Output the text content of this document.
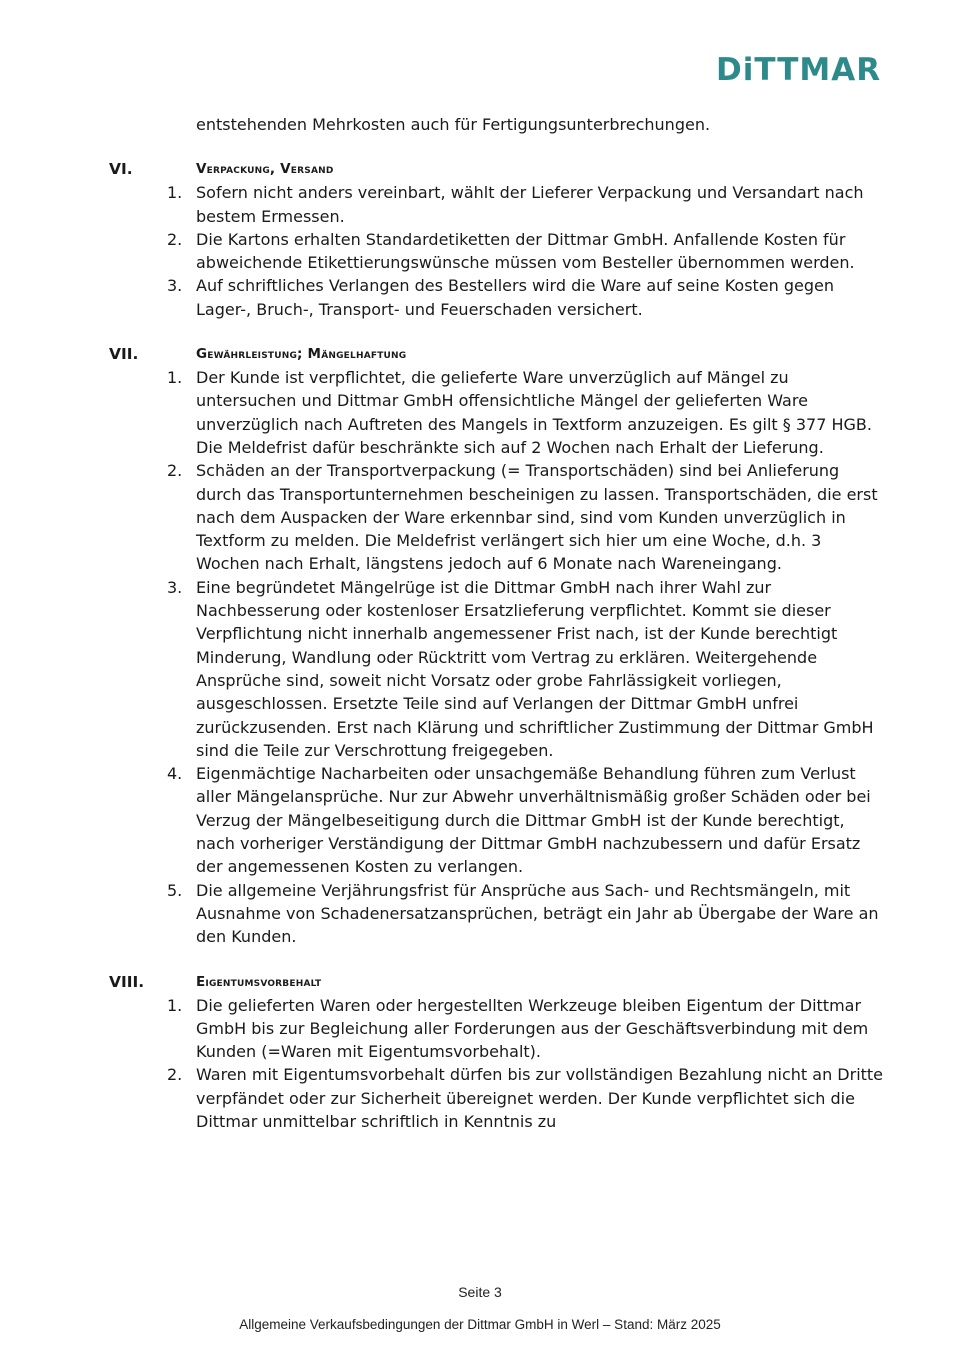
DiTTMAR
entstehenden Mehrkosten auch für Fertigungsunterbrechungen.
VI.	Verpackung, Versand
1. Sofern nicht anders vereinbart, wählt der Lieferer Verpackung und Versandart nach bestem Ermessen.
2. Die Kartons erhalten Standardetiketten der Dittmar GmbH. Anfallende Kosten für abweichende Etikettierungswünsche müssen vom Besteller übernommen werden.
3. Auf schriftliches Verlangen des Bestellers wird die Ware auf seine Kosten gegen Lager-, Bruch-, Transport- und Feuerschaden versichert.
VII.	Gewährleistung; Mängelhaftung
1. Der Kunde ist verpflichtet, die gelieferte Ware unverzüglich auf Mängel zu untersuchen und Dittmar GmbH offensichtliche Mängel der gelieferten Ware unverzüglich nach Auftreten des Mangels in Textform anzuzeigen. Es gilt § 377 HGB.
Die Meldefrist dafür beschränkte sich auf 2 Wochen nach Erhalt der Lieferung.
2. Schäden an der Transportverpackung (= Transportschäden) sind bei Anlieferung durch das Transportunternehmen bescheinigen zu lassen. Transportschäden, die erst nach dem Auspacken der Ware erkennbar sind, sind vom Kunden unverzüglich in Textform zu melden. Die Meldefrist verlängert sich hier um eine Woche, d.h. 3 Wochen nach Erhalt, längstens jedoch auf 6 Monate nach Wareneingang.
3. Eine begründetet Mängelrüge ist die Dittmar GmbH nach ihrer Wahl zur Nachbesserung oder kostenloser Ersatzlieferung verpflichtet. Kommt sie dieser Verpflichtung nicht innerhalb angemessener Frist nach, ist der Kunde berechtigt Minderung, Wandlung oder Rücktritt vom Vertrag zu erklären. Weitergehende Ansprüche sind, soweit nicht Vorsatz oder grobe Fahrlässigkeit vorliegen, ausgeschlossen. Ersetzte Teile sind auf Verlangen der Dittmar GmbH unfrei zurückzusenden. Erst nach Klärung und schriftlicher Zustimmung der Dittmar GmbH sind die Teile zur Verschrottung freigegeben.
4. Eigenmächtige Nacharbeiten oder unsachgemäße Behandlung führen zum Verlust aller Mängelansprüche. Nur zur Abwehr unverhältnismäßig großer Schäden oder bei Verzug der Mängelbeseitigung durch die Dittmar GmbH ist der Kunde berechtigt, nach vorheriger Verständigung der Dittmar GmbH nachzubessern und dafür Ersatz der angemessenen Kosten zu verlangen.
5. Die allgemeine Verjährungsfrist für Ansprüche aus Sach- und Rechtsmängeln, mit Ausnahme von Schadenersatzansprüchen, beträgt ein Jahr ab Übergabe der Ware an den Kunden.
VIII.	Eigentumsvorbehalt
1. Die gelieferten Waren oder hergestellten Werkzeuge bleiben Eigentum der Dittmar GmbH bis zur Begleichung aller Forderungen aus der Geschäftsverbindung mit dem Kunden (=Waren mit Eigentumsvorbehalt).
2. Waren mit Eigentumsvorbehalt dürfen bis zur vollständigen Bezahlung nicht an Dritte verpfändet oder zur Sicherheit übereignet werden. Der Kunde verpflichtet sich die Dittmar unmittelbar schriftlich in Kenntnis zu
Seite 3
Allgemeine Verkaufsbedingungen der Dittmar GmbH in Werl – Stand: März 2025
